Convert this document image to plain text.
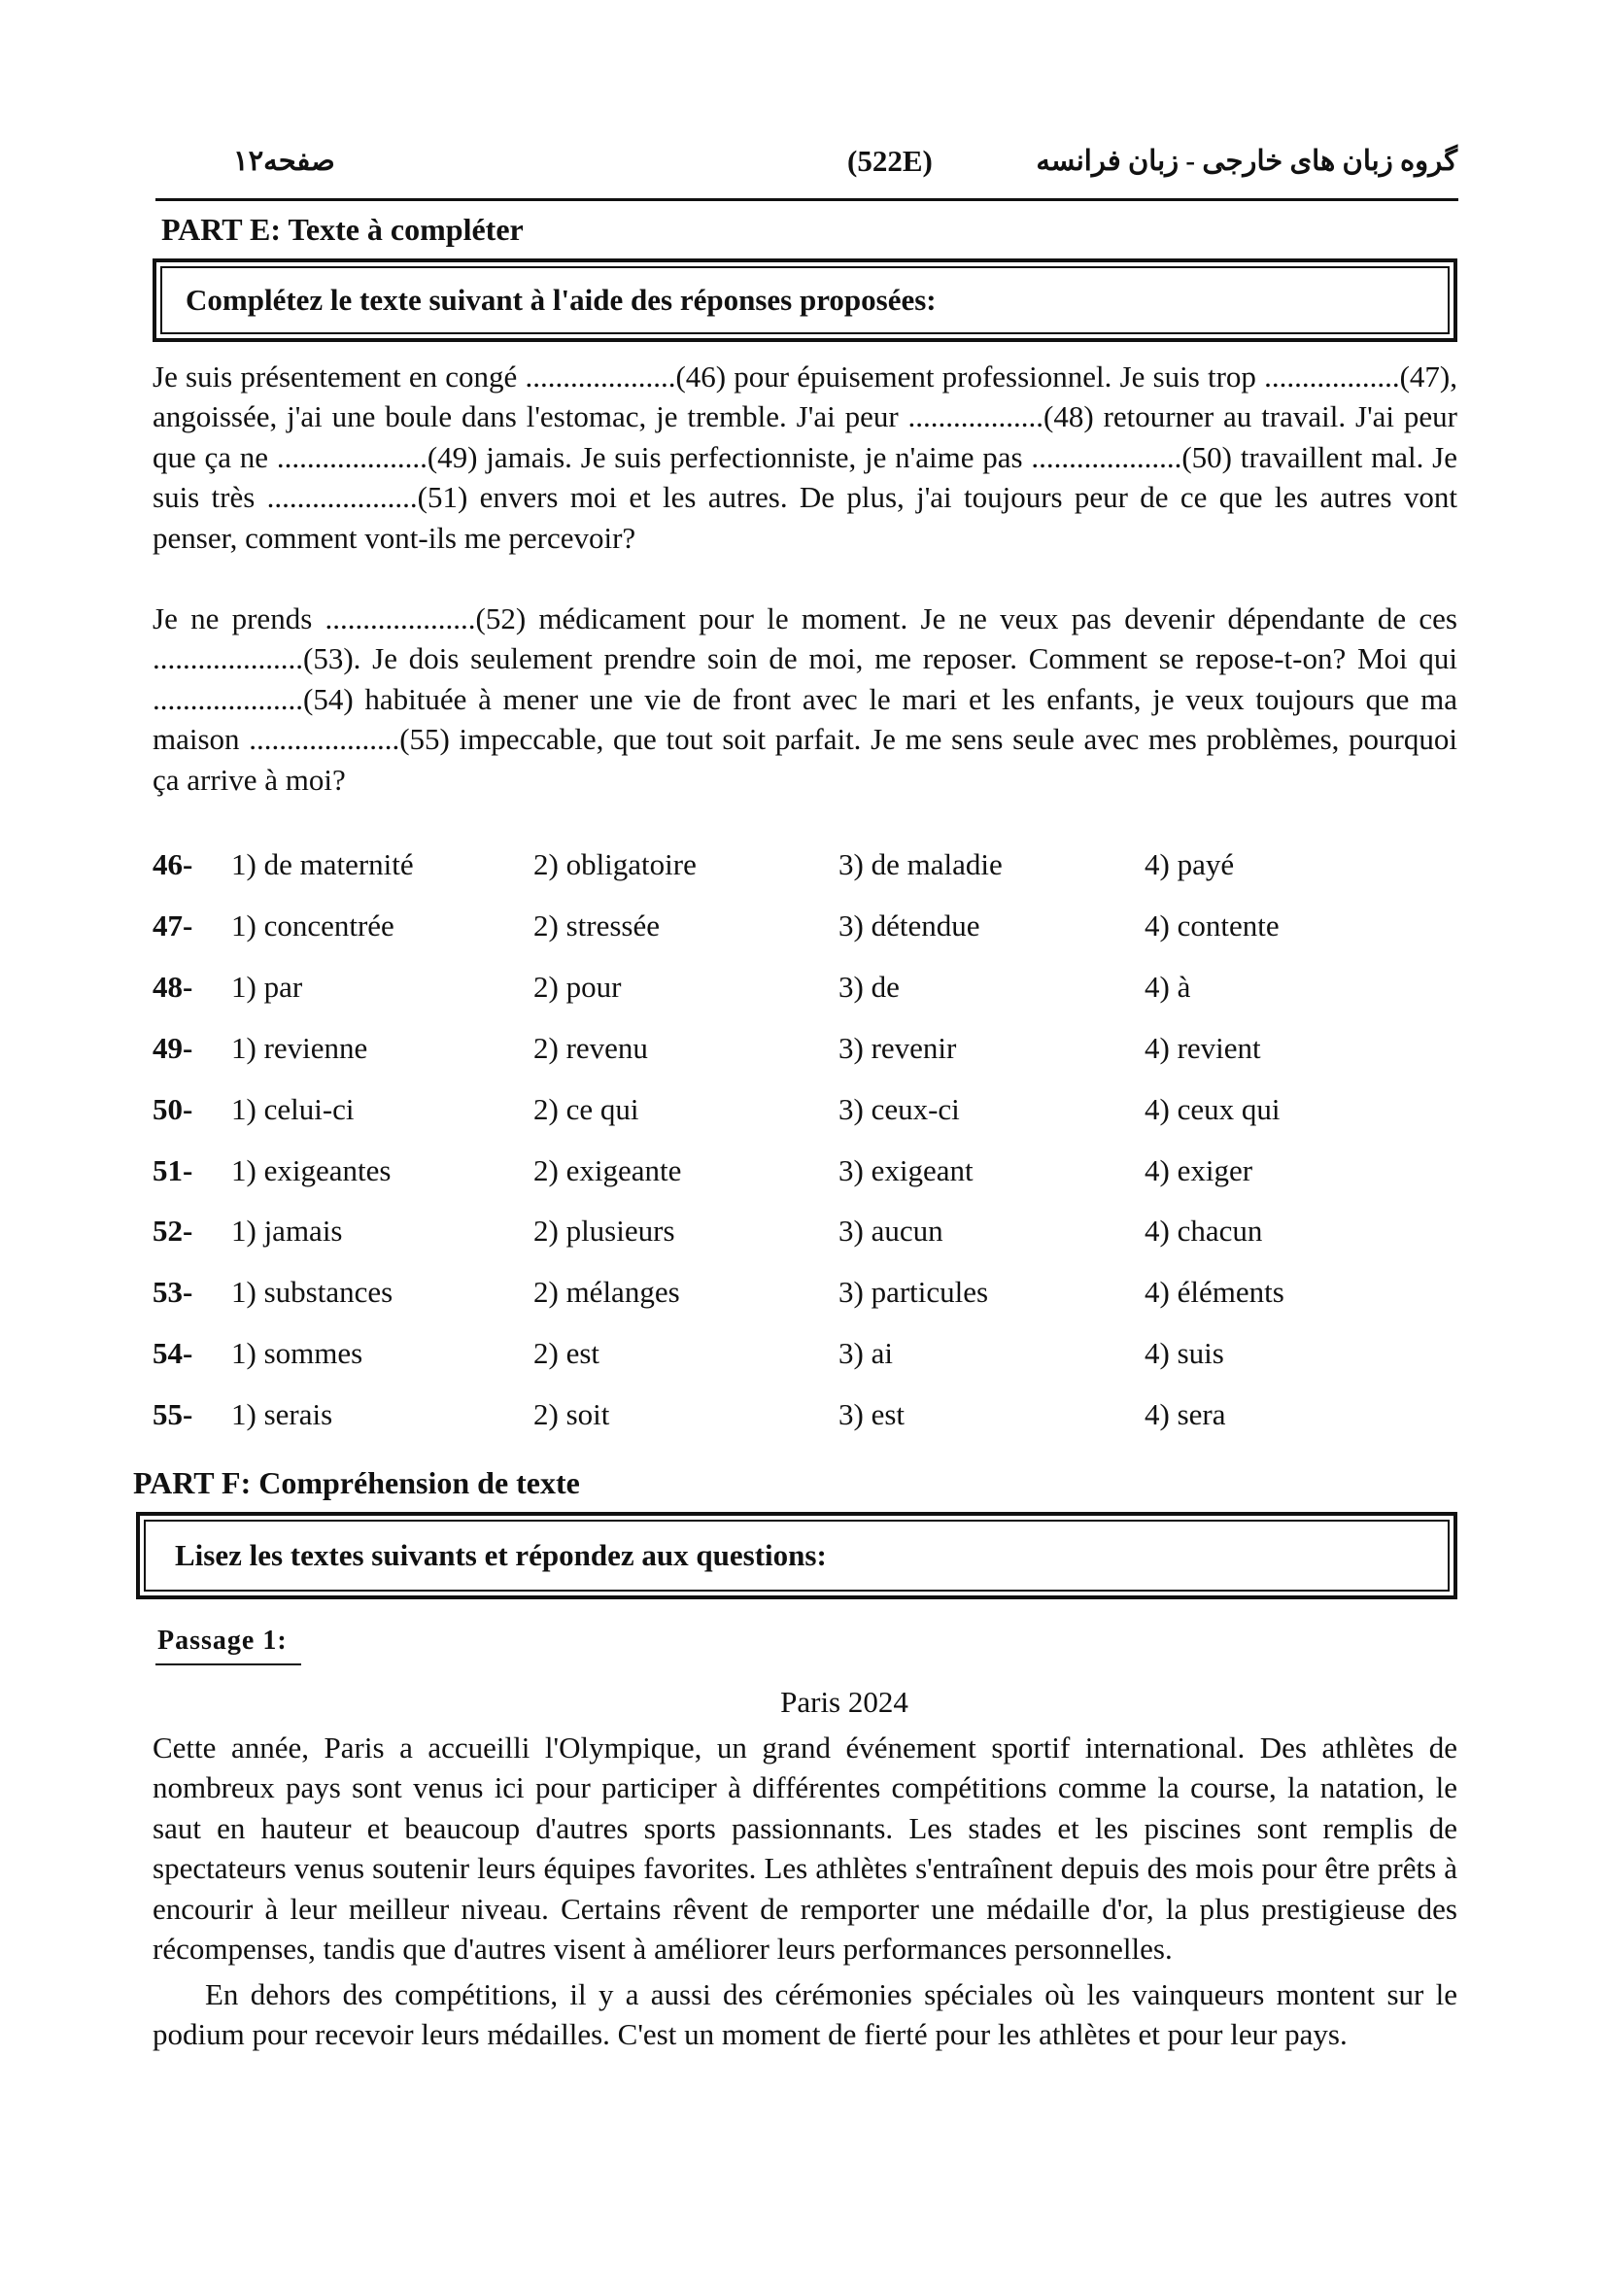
صفحه۱۲	(522E)	گروه زبان های خارجی - زبان فرانسه
PART E: Texte à compléter
Complétez le texte suivant à l'aide des réponses proposées:

Je suis présentement en congé ....................(46) pour épuisement professionnel. Je suis trop ..................(47), angoissée, j'ai une boule dans l'estomac, je tremble. J'ai peur ..................(48) retourner au travail. J'ai peur que ça ne ....................(49) jamais. Je suis perfectionniste, je n'aime pas ....................(50) travaillent mal. Je suis très ....................(51) envers moi et les autres. De plus, j'ai toujours peur de ce que les autres vont penser, comment vont-ils me percevoir?

Je ne prends ....................(52) médicament pour le moment. Je ne veux pas devenir dépendante de ces ....................(53). Je dois seulement prendre soin de moi, me reposer. Comment se repose-t-on? Moi qui ....................(54) habituée à mener une vie de front avec le mari et les enfants, je veux toujours que ma maison ....................(55) impeccable, que tout soit parfait. Je me sens seule avec mes problèmes, pourquoi ça arrive à moi?

46- 1) de maternité	2) obligatoire	3) de maladie	4) payé
47- 1) concentrée	2) stressée	3) détendue	4) contente
48- 1) par	2) pour	3) de	4) à
49- 1) revienne	2) revenu	3) revenir	4) revient
50- 1) celui-ci	2) ce qui	3) ceux-ci	4) ceux qui
51- 1) exigeantes	2) exigeante	3) exigeant	4) exiger
52- 1) jamais	2) plusieurs	3) aucun	4) chacun
53- 1) substances	2) mélanges	3) particules	4) éléments
54- 1) sommes	2) est	3) ai	4) suis
55- 1) serais	2) soit	3) est	4) sera
PART F: Compréhension de texte
Lisez les textes suivants et répondez aux questions:
Passage 1:
Paris 2024

Cette année, Paris a accueilli l'Olympique, un grand événement sportif international. Des athlètes de nombreux pays sont venus ici pour participer à différentes compétitions comme la course, la natation, le saut en hauteur et beaucoup d'autres sports passionnants. Les stades et les piscines sont remplis de spectateurs venus soutenir leurs équipes favorites. Les athlètes s'entraînent depuis des mois pour être prêts à encourir à leur meilleur niveau. Certains rêvent de remporter une médaille d'or, la plus prestigieuse des récompenses, tandis que d'autres visent à améliorer leurs performances personnelles.

En dehors des compétitions, il y a aussi des cérémonies spéciales où les vainqueurs montent sur le podium pour recevoir leurs médailles. C'est un moment de fierté pour les athlètes et pour leur pays.
